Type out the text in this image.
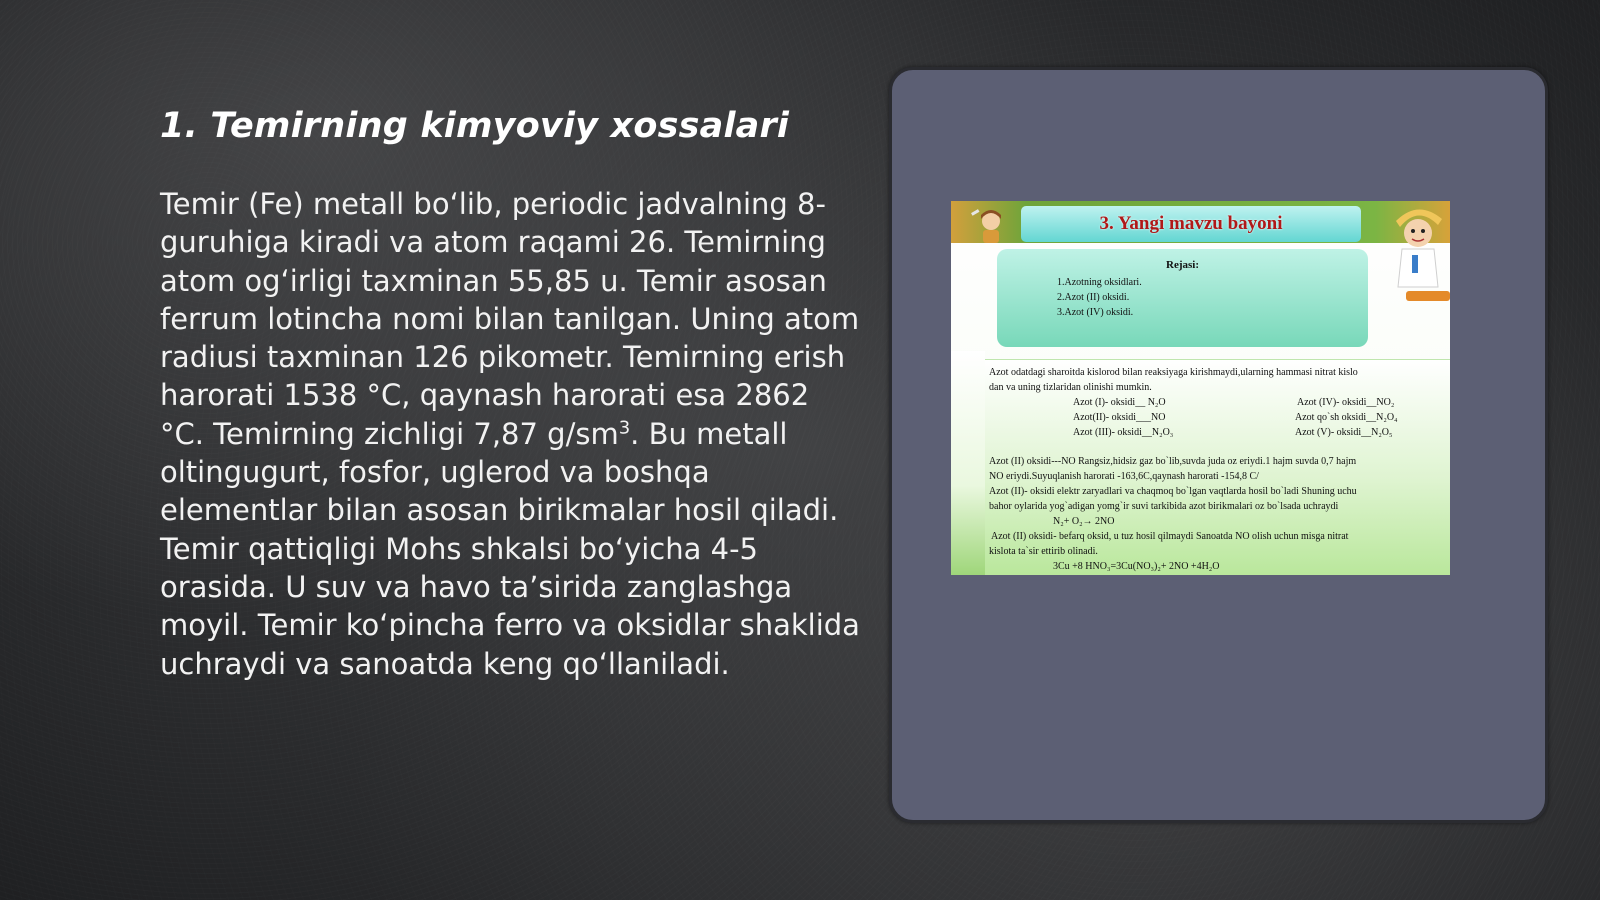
1. Temirning kimyoviy xossalari

Temir (Fe) metall bo‘lib, periodic jadvalning 8-guruhiga kiradi va atom raqami 26. Temirning atom og‘irligi taxminan 55,85 u. Temir asosan ferrum lotincha nomi bilan tanilgan. Uning atom radiusi taxminan 126 pikometr. Temirning erish harorati 1538 °C, qaynash harorati esa 2862 °C. Temirning zichligi 7,87 $g/sm^3$. Bu metall oltingugurt, fosfor, uglerod va boshqa elementlar bilan asosan birikmalar hosil qiladi. Temir qattiqligi Mohs shkalsi bo‘yicha 4-5 orasida. U suv va havo ta’sirida zanglashga moyil. Temir ko‘pincha ferro va oksidlar shaklida uchraydi va sanoatda keng qo‘llaniladi.

3. Yangi mavzu bayoni
Rejasi:
1.Azotning oksidlari.
2.Azot (II) oksidi.
3.Azot (IV) oksidi.
Azot odatdagi sharoitda kislorod bilan reaksiyaga kirishmaydi,ularning hammasi nitrat kislo
dan va uning tizlaridan olinishi mumkin.
Azot (I)- oksidi__ N₂O
Azot(II)- oksidi___NO
Azot (III)- oksidi__N₂O₃
Azot (IV)- oksidi__NO₂
Azot qo`sh oksidi__N₂O₄
Azot (V)- oksidi__N₂O₅
Azot (II) oksidi---NO Rangsiz,hidsiz gaz bo`lib,suvda juda oz eriydi.1 hajm suvda 0,7 hajm
NO eriydi.Suyuqlanish harorati -163,6C,qaynash harorati -154,8 C/
Azot (II)- oksidi elektr zaryadlari va chaqmoq bo`lgan vaqtlarda hosil bo`ladi Shuning uchu
bahor oylarida yog`adigan yomg`ir suvi tarkibida azot birikmalari oz bo`lsada uchraydi
N₂+ O₂→ 2NO
Azot (II) oksidi- befarq oksid, u tuz hosil qilmaydi Sanoatda NO olish uchun misga nitrat
kislota ta`sir ettirib olinadi.
3Cu +8 HNO₃=3Cu(NO₃)₂+ 2NO +4H₂O
